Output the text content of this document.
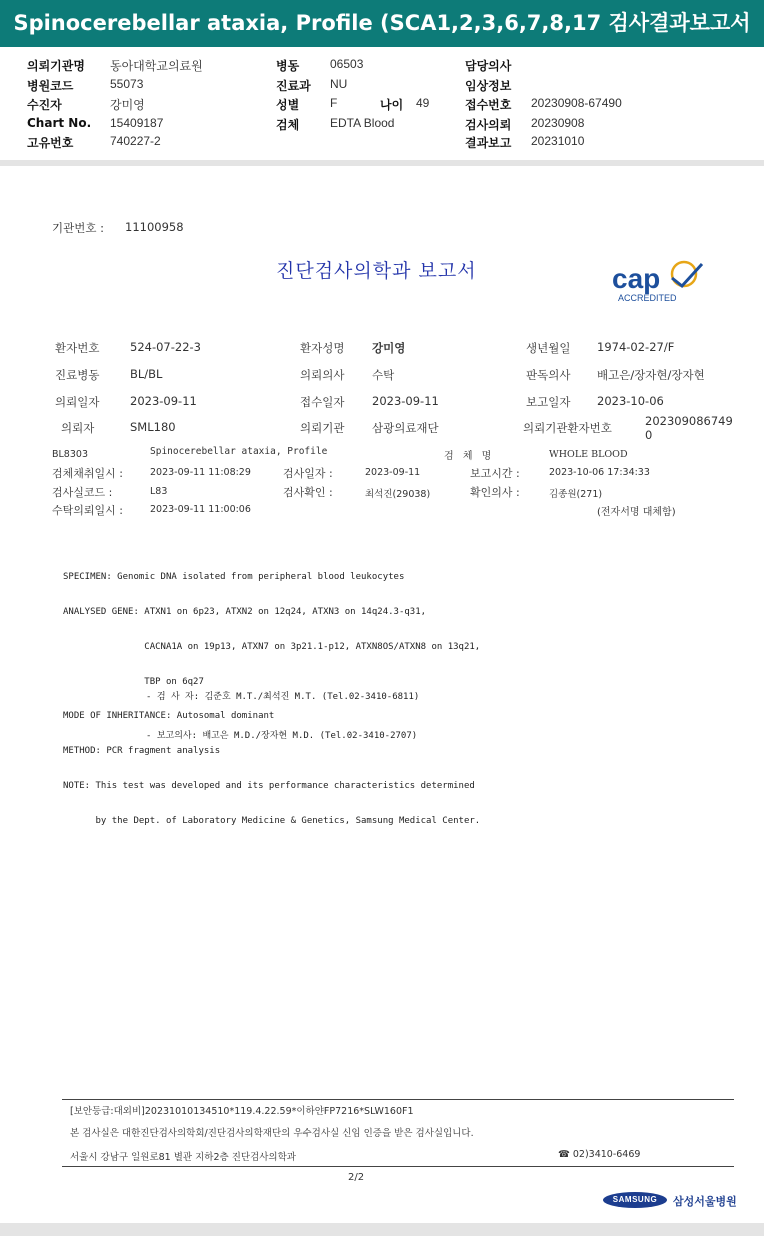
Spinocerebellar ataxia, Profile (SCA1,2,3,6,7,8,17 검사결과보고서
의뢰기관명 동아대학교의료원
병원코드	55073
수진자	강미영
Chart No. 15409187
고유번호	740227-2
병동	06503
진료과 NU
성별	F	나이 49
검체	EDTA Blood
담당의사
임상정보
접수번호 20230908-67490
검사의뢰 20230908
결과보고 20231010
기관번호 : 11100958
진단검사의학과 보고서	cap
ACCREDITED
환자번호	524-07-22-3	환자성명 강미영	생년월일 1974-02-27/F
진료병동	BL/BL	의뢰의사 수탁	판독의사 배고은/장자현/장자현
의뢰일자	2023-09-11	접수일자 2023-09-11	보고일자 2023-10-06
의뢰자	SML180	의뢰기관 삼광의료재단	의뢰기관환자번호	202309086749
0
BL8303	Spinocerebellar ataxia, Profile	검 체 명	WHOLE BLOOD
검체채취일시 :	2023-09-11 11:08:29	검사일자 :	2023-09-11	보고시간 :	2023-10-06 17:34:33
검사실코드 :	L83	검사확인 :	최석진(29038)	확인의사 :	김종원(271)
수탁의뢰일시 :	2023-09-11 11:00:06	(전자서명 대체함)

SPECIMEN: Genomic DNA isolated from peripheral blood leukocytes

ANALYSED GENE: ATXN1 on 6p23, ATXN2 on 12q24, ATXN3 on 14q24.3-q31,

CACNA1A on 19p13, ATXN7 on 3p21.1-p12, ATXN8OS/ATXN8 on 13q21,

TBP on 6q27

MODE OF INHERITANCE: Autosomal dominant

METHOD: PCR fragment analysis

NOTE: This test was developed and its performance characteristics determined

by the Dept. of Laboratory Medicine & Genetics, Samsung Medical Center.

- 검 사 자: 김준호 M.T./최석진 M.T. (Tel.02-3410-6811)

- 보고의사: 배고은 M.D./장자현 M.D. (Tel.02-3410-2707)

[보안등급:대외비]20231010134510*119.4.22.59*이하얀FP7216*SLW160F1
본 검사실은 대한진단검사의학회/진단검사의학재단의 우수검사실 신임 인증을 받은 검사실입니다.
서울시 강남구 일원로81 별관 지하2층 진단검사의학과	☎ 02)3410-6469
2/2
SAMSUNG	삼성서울병원
